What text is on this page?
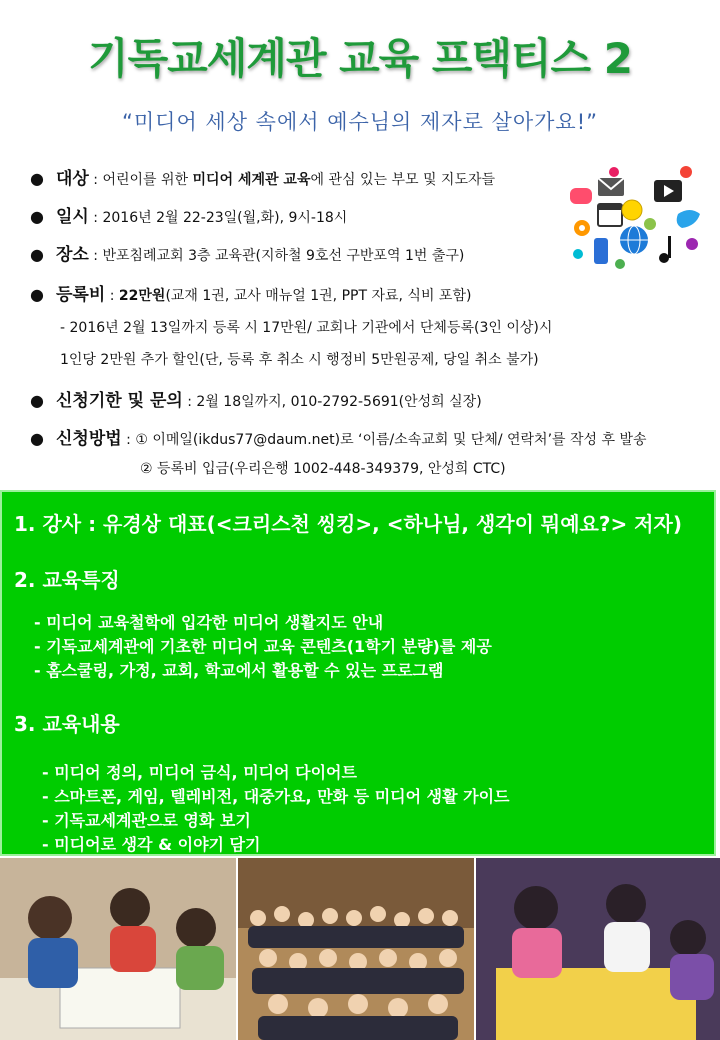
기독교세계관 교육 프택티스 2
“미디어 세상 속에서 예수님의 제자로 살아가요!”
● 대상 : 어린이를 위한 미디어 세계관 교육에 관심 있는 부모 및 지도자들
● 일시 : 2016년 2월 22-23일(월,화), 9시-18시
● 장소 : 반포침례교회 3층 교육관(지하철 9호선 구반포역 1번 출구)
● 등록비 : 22만원(교재 1권, 교사 매뉴얼 1권, PPT 자료, 식비 포함)
- 2016년 2월 13일까지 등록 시 17만원/ 교회나 기관에서 단체등록(3인 이상)시
1인당 2만원 추가 할인(단, 등록 후 취소 시 행정비 5만원공제, 당일 취소 불가)
● 신청기한 및 문의 : 2월 18일까지, 010-2792-5691(안성희 실장)
● 신청방법 : ① 이메일(ikdus77@daum.net)로 ‘이름/소속교회 및 단체/ 연락처’를 작성 후 발송
② 등록비 입금(우리은행 1002-448-349379, 안성희 CTC)
1. 강사 : 유경상 대표(<크리스천 씽킹>, <하나님, 생각이 뭐예요?> 저자)
2. 교육특징
- 미디어 교육철학에 입각한 미디어 생활지도 안내
- 기독교세계관에 기초한 미디어 교육 콘텐츠(1학기 분량)를 제공
- 홈스쿨링, 가정, 교회, 학교에서 활용할 수 있는 프로그램
3. 교육내용
- 미디어 정의, 미디어 금식, 미디어 다이어트
- 스마트폰, 게임, 텔레비전, 대중가요, 만화 등 미디어 생활 가이드
- 기독교세계관으로 영화 보기
- 미디어로 생각 & 이야기 담기
